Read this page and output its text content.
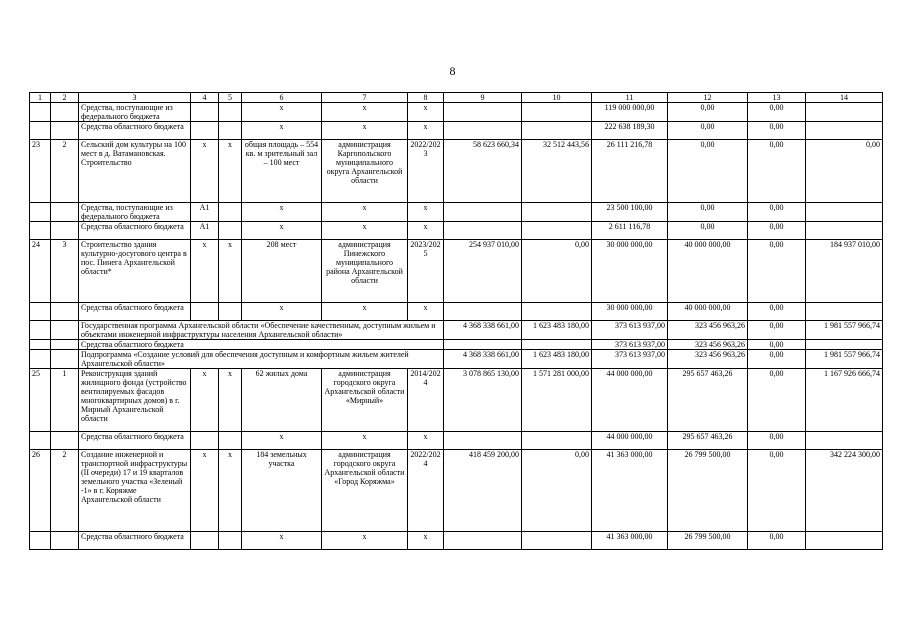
8
1	2	3	4	5	6	7	8	9	10	11	12	13	14
		Средства, поступающие из федерального бюджета			х	х	х			119 000 000,00	0,00	0,00	
		Средства областного бюджета			х	х	х			222 638 189,30	0,00	0,00	
23	2	Сельский дом культуры на 100 мест в д. Ватамановская. Строительство	х	х	общая площадь – 554 кв. м зрительный зал – 100 мест	администрация Каргопольского муниципального округа Архангельской области	2022/2023	58 623 660,34	32 512 443,56	26 111 216,78	0,00	0,00	0,00
		Средства, поступающие из федерального бюджета	А1		х	х	х			23 500 100,00	0,00	0,00	
		Средства областного бюджета	А1		х	х	х			2 611 116,78	0,00	0,00	
24	3	Строительство здания культурно-досугового центра в пос. Пинега Архангельской области*	х	х	208 мест	администрация Пинежского муниципального района Архангельской области	2023/2025	254 937 010,00	0,00	30 000 000,00	40 000 000,00	0,00	184 937 010,00
		Средства областного бюджета			х	х	х			30 000 000,00	40 000 000,00	0,00	
		Государственная программа Архангельской области «Обеспечение качественным, доступным жильем и объектами инженерной инфраструктуры населения Архангельской области»						4 368 338 661,00	1 623 483 180,00	373 613 937,00	323 456 963,26	0,00	1 981 557 966,74
		Средства областного бюджета								373 613 937,00	323 456 963,26	0,00	
		Подпрограмма «Создание условий для обеспечения доступным и комфортным жильем жителей Архангельской области»						4 368 338 661,00	1 623 483 180,00	373 613 937,00	323 456 963,26	0,00	1 981 557 966,74
25	1	Реконструкция зданий жилищного фонда (устройство вентилируемых фасадов многоквартирных домов) в г. Мирный Архангельской области	х	х	62 жилых дома	администрация городского округа Архангельской области «Мирный»	2014/2024	3 078 865 130,00	1 571 281 000,00	44 000 000,00	295 657 463,26	0,00	1 167 926 666,74
		Средства областного бюджета			х	х	х			44 000 000,00	295 657 463,26	0,00	
26	2	Создание инженерной и транспортной инфраструктуры (II очереди) 17 и 19 кварталов земельного участка «Зеленый -1» в г. Коряжме Архангельской области	х	х	184 земельных участка	администрация городского округа Архангельской области «Город Коряжма»	2022/2024	418 459 200,00	0,00	41 363 000,00	26 799 500,00	0,00	342 224 300,00
		Средства областного бюджета			х	х	х			41 363 000,00	26 799 500,00	0,00	
